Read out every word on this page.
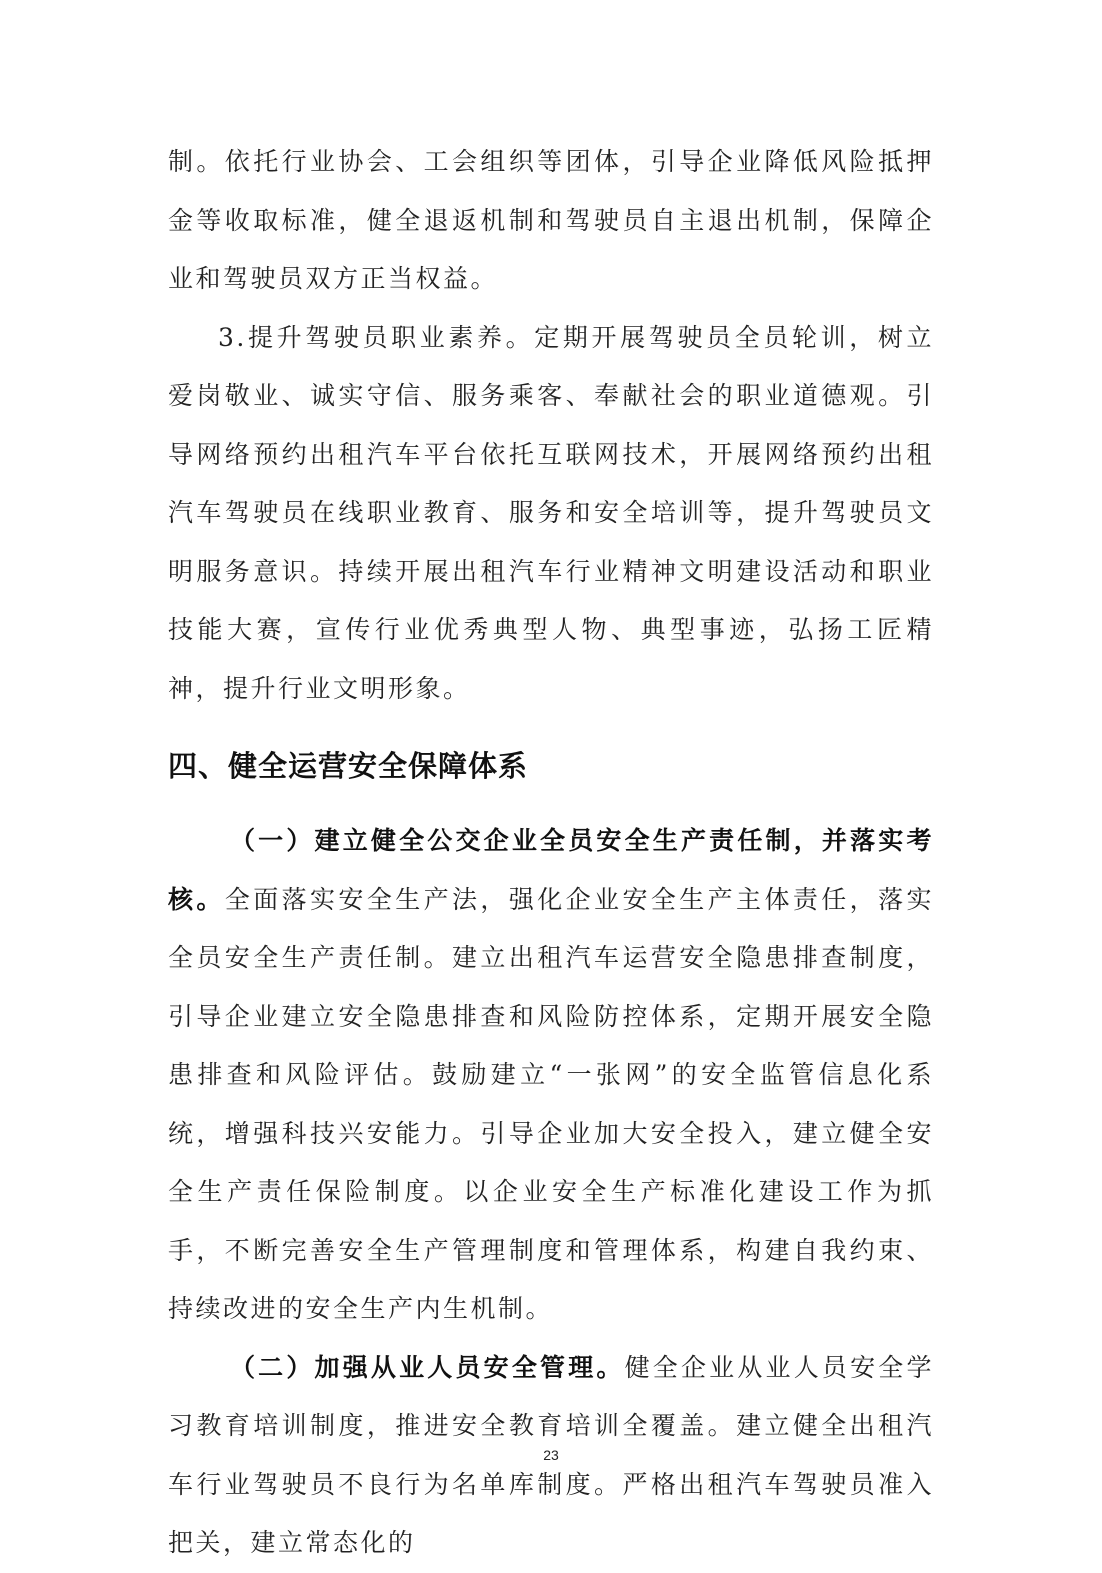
制。依托行业协会、工会组织等团体，引导企业降低风险抵押金等收取标准，健全退返机制和驾驶员自主退出机制，保障企业和驾驶员双方正当权益。

3.提升驾驶员职业素养。定期开展驾驶员全员轮训，树立爱岗敬业、诚实守信、服务乘客、奉献社会的职业道德观。引导网络预约出租汽车平台依托互联网技术，开展网络预约出租汽车驾驶员在线职业教育、服务和安全培训等，提升驾驶员文明服务意识。持续开展出租汽车行业精神文明建设活动和职业技能大赛，宣传行业优秀典型人物、典型事迹，弘扬工匠精神，提升行业文明形象。

四、健全运营安全保障体系

（一）建立健全公交企业全员安全生产责任制，并落实考核。全面落实安全生产法，强化企业安全生产主体责任，落实全员安全生产责任制。建立出租汽车运营安全隐患排查制度，引导企业建立安全隐患排查和风险防控体系，定期开展安全隐患排查和风险评估。鼓励建立“一张网”的安全监管信息化系统，增强科技兴安能力。引导企业加大安全投入，建立健全安全生产责任保险制度。以企业安全生产标准化建设工作为抓手，不断完善安全生产管理制度和管理体系，构建自我约束、持续改进的安全生产内生机制。

（二）加强从业人员安全管理。健全企业从业人员安全学习教育培训制度，推进安全教育培训全覆盖。建立健全出租汽车行业驾驶员不良行为名单库制度。严格出租汽车驾驶员准入把关，建立常态化的

23
